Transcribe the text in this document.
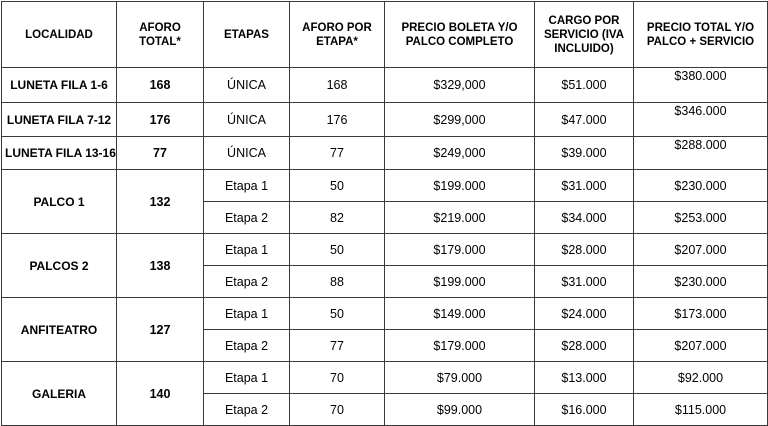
LOCALIDAD	AFORO TOTAL*	ETAPAS	AFORO POR ETAPA*	PRECIO BOLETA Y/O PALCO COMPLETO	CARGO POR SERVICIO (IVA INCLUIDO)	PRECIO TOTAL Y/O PALCO + SERVICIO
LUNETA FILA 1-6	168	ÚNICA	168	$329,000	$51.000	$380.000
LUNETA FILA 7-12	176	ÚNICA	176	$299,000	$47.000	$346.000
LUNETA FILA 13-16	77	ÚNICA	77	$249,000	$39.000	$288.000
PALCO 1	132	Etapa 1	50	$199.000	$31.000	$230.000
		Etapa 2	82	$219.000	$34.000	$253.000
PALCOS 2	138	Etapa 1	50	$179.000	$28.000	$207.000
		Etapa 2	88	$199.000	$31.000	$230.000
ANFITEATRO	127	Etapa 1	50	$149.000	$24.000	$173.000
		Etapa 2	77	$179.000	$28.000	$207.000
GALERIA	140	Etapa 1	70	$79.000	$13.000	$92.000
		Etapa 2	70	$99.000	$16.000	$115.000
